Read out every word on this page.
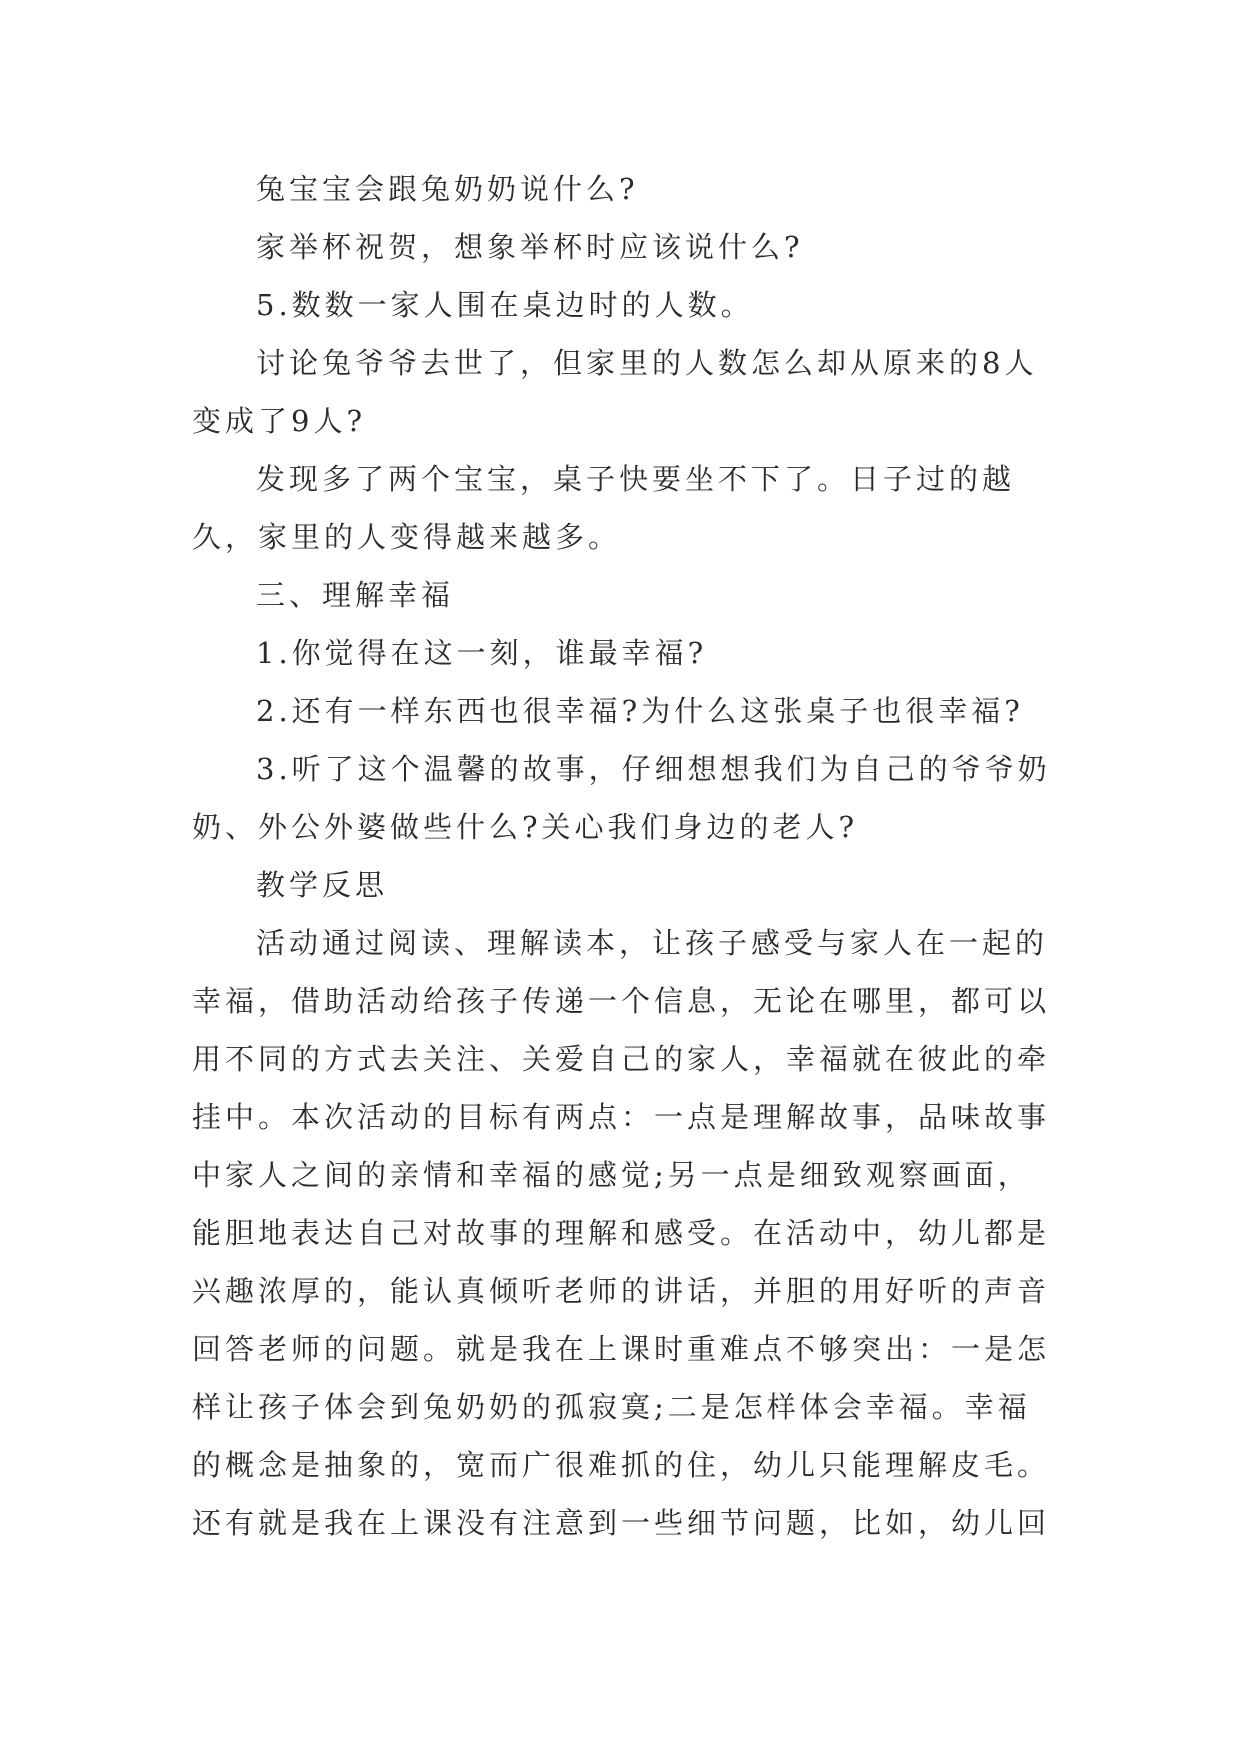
兔宝宝会跟兔奶奶说什么?

家举杯祝贺，想象举杯时应该说什么?

5.数数一家人围在桌边时的人数。

讨论兔爷爷去世了，但家里的人数怎么却从原来的8人变成了9人?

发现多了两个宝宝，桌子快要坐不下了。日子过的越久，家里的人变得越来越多。

三、理解幸福

1.你觉得在这一刻，谁最幸福?

2.还有一样东西也很幸福?为什么这张桌子也很幸福?

3.听了这个温馨的故事，仔细想想我们为自己的爷爷奶奶、外公外婆做些什么?关心我们身边的老人?

教学反思

活动通过阅读、理解读本，让孩子感受与家人在一起的幸福，借助活动给孩子传递一个信息，无论在哪里，都可以用不同的方式去关注、关爱自己的家人，幸福就在彼此的牵挂中。本次活动的目标有两点：一点是理解故事，品味故事中家人之间的亲情和幸福的感觉;另一点是细致观察画面，能胆地表达自己对故事的理解和感受。在活动中，幼儿都是兴趣浓厚的，能认真倾听老师的讲话，并胆的用好听的声音回答老师的问题。就是我在上课时重难点不够突出：一是怎样让孩子体会到兔奶奶的孤寂寞;二是怎样体会幸福。幸福的概念是抽象的，宽而广很难抓的住，幼儿只能理解皮毛。还有就是我在上课没有注意到一些细节问题，比如，幼儿回
